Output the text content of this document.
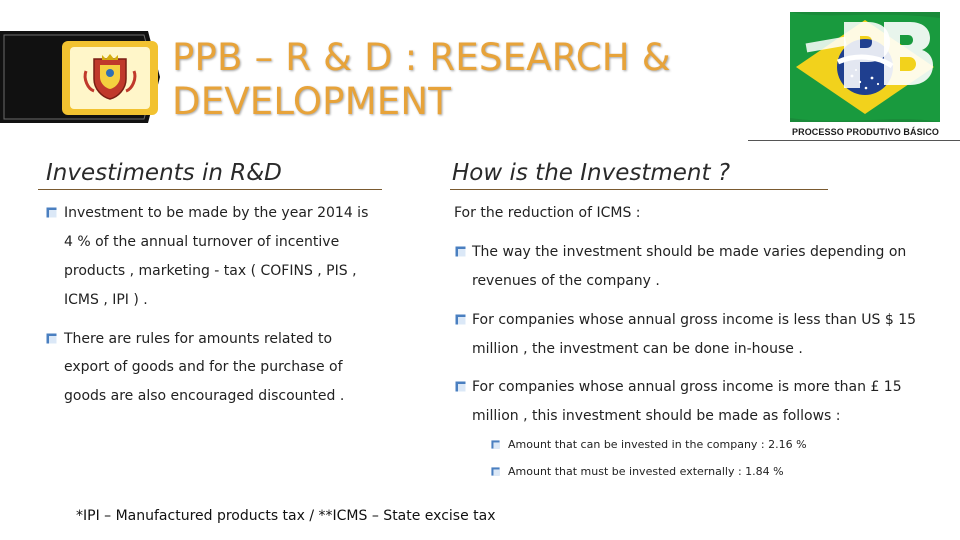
PPB – R & D : RESEARCH &
DEVELOPMENT
PROCESSO PRODUTIVO BÁSICO
Investiments in R&D
Investment to be made by the year 2014 is
4 % of the annual turnover of incentive
products , marketing - tax ( COFINS , PIS ,
ICMS , IPI ) .
There are rules for amounts related to
export of goods and for the purchase of
goods are also encouraged discounted .
How is the Investment ?
For the reduction of ICMS :
The way the investment should be made varies depending on
revenues of the company .
For companies whose annual gross income is less than US $ 15
million , the investment can be done in-house .
For companies whose annual gross income is more than £ 15
million , this investment should be made as follows :
Amount that can be invested in the company : 2.16 %
Amount that must be invested externally : 1.84 %
*IPI – Manufactured products tax / **ICMS – State excise tax
